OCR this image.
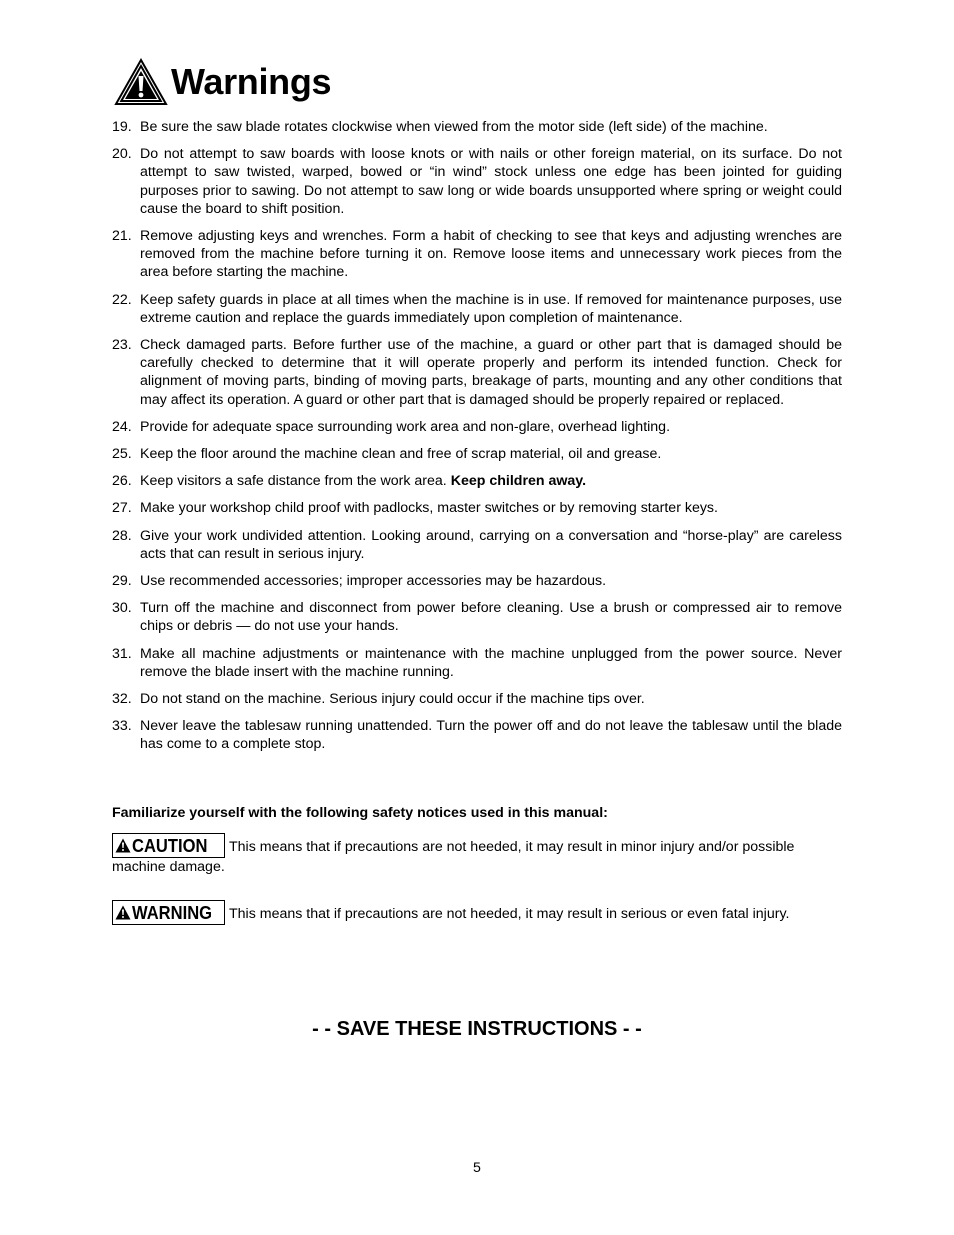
Warnings
19. Be sure the saw blade rotates clockwise when viewed from the motor side (left side) of the machine.
20. Do not attempt to saw boards with loose knots or with nails or other foreign material, on its surface. Do not attempt to saw twisted, warped, bowed or “in wind” stock unless one edge has been jointed for guiding purposes prior to sawing. Do not attempt to saw long or wide boards unsupported where spring or weight could cause the board to shift position.
21. Remove adjusting keys and wrenches. Form a habit of checking to see that keys and adjusting wrenches are removed from the machine before turning it on. Remove loose items and unnecessary work pieces from the area before starting the machine.
22. Keep safety guards in place at all times when the machine is in use. If removed for maintenance purposes, use extreme caution and replace the guards immediately upon completion of maintenance.
23. Check damaged parts. Before further use of the machine, a guard or other part that is damaged should be carefully checked to determine that it will operate properly and perform its intended function. Check for alignment of moving parts, binding of moving parts, breakage of parts, mounting and any other conditions that may affect its operation. A guard or other part that is damaged should be properly repaired or replaced.
24. Provide for adequate space surrounding work area and non-glare, overhead lighting.
25. Keep the floor around the machine clean and free of scrap material, oil and grease.
26. Keep visitors a safe distance from the work area. Keep children away.
27. Make your workshop child proof with padlocks, master switches or by removing starter keys.
28. Give your work undivided attention. Looking around, carrying on a conversation and “horse-play” are careless acts that can result in serious injury.
29. Use recommended accessories; improper accessories may be hazardous.
30. Turn off the machine and disconnect from power before cleaning. Use a brush or compressed air to remove chips or debris — do not use your hands.
31. Make all machine adjustments or maintenance with the machine unplugged from the power source. Never remove the blade insert with the machine running.
32. Do not stand on the machine. Serious injury could occur if the machine tips over.
33. Never leave the tablesaw running unattended. Turn the power off and do not leave the tablesaw until the blade has come to a complete stop.
Familiarize yourself with the following safety notices used in this manual:
CAUTION This means that if precautions are not heeded, it may result in minor injury and/or possible machine damage.
WARNING This means that if precautions are not heeded, it may result in serious or even fatal injury.
- - SAVE THESE INSTRUCTIONS - -
5
